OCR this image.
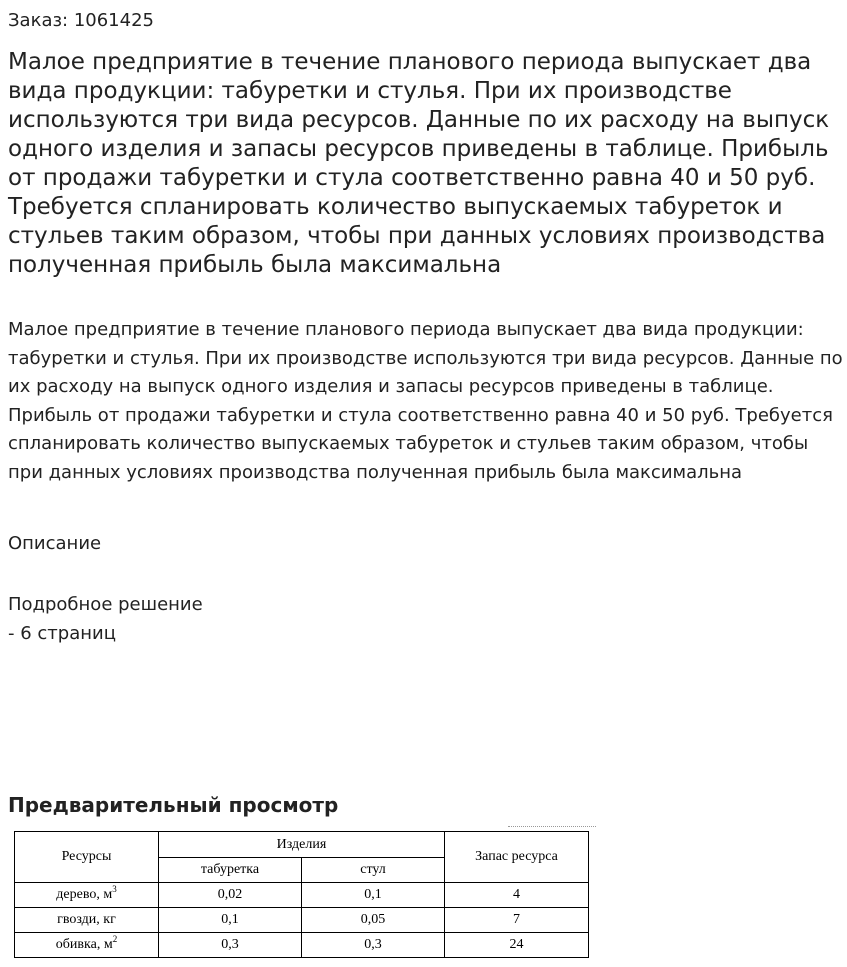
Заказ: 1061425
Малое предприятие в течение планового периода выпускает два вида продукции: табуретки и стулья. При их производстве используются три вида ресурсов. Данные по их расходу на выпуск одного изделия и запасы ресурсов приведены в таблице. Прибыль от продажи табуретки и стула соответственно равна 40 и 50 руб. Требуется спланировать количество выпускаемых табуреток и стульев таким образом, чтобы при данных условиях производства полученная прибыль была максимальна
Малое предприятие в течение планового периода выпускает два вида продукции: табуретки и стулья. При их производстве используются три вида ресурсов. Данные по их расходу на выпуск одного изделия и запасы ресурсов приведены в таблице. Прибыль от продажи табуретки и стула соответственно равна 40 и 50 руб. Требуется спланировать количество выпускаемых табуреток и стульев таким образом, чтобы при данных условиях производства полученная прибыль была максимальна
Описание
Подробное решение
- 6 страниц
Предварительный просмотр
Ресурсы	Изделия		Запас ресурса
	табуретка	стул	
дерево, $м^3$	0,02	0,1	4
гвозди, кг	0,1	0,05	7
обивка, $м^2$	0,3	0,3	24
